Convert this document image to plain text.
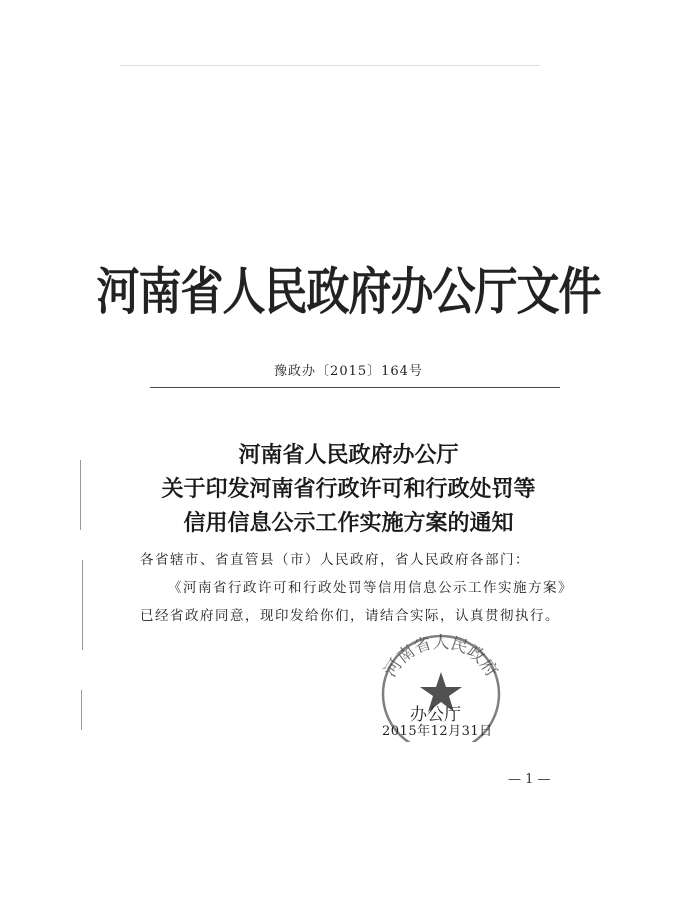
河南省人民政府办公厅文件
豫政办〔2015〕164号
河南省人民政府办公厅
关于印发河南省行政许可和行政处罚等
信用信息公示工作实施方案的通知
各省辖市、省直管县（市）人民政府，省人民政府各部门：
《河南省行政许可和行政处罚等信用信息公示工作实施方案》
已经省政府同意，现印发给你们，请结合实际，认真贯彻执行。
河南省人民政府
办公厅
2015年12月31日
— 1 —
